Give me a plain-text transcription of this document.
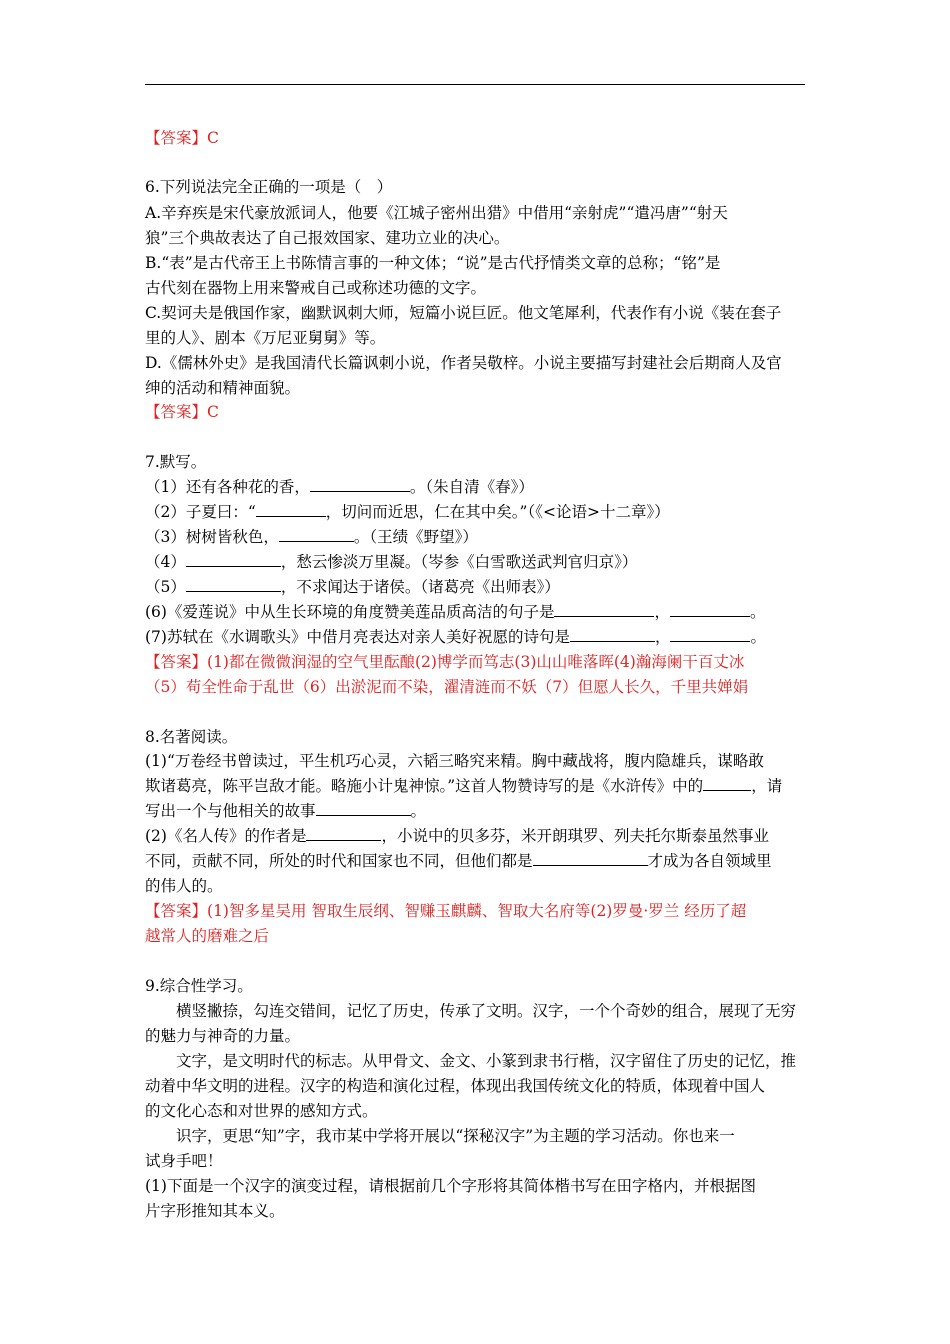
【答案】C
6.下列说法完全正确的一项是（　）
A.辛弃疾是宋代豪放派词人，他要《江城子密州出猎》中借用“亲射虎”“遣冯唐”“射天
狼”三个典故表达了自己报效国家、建功立业的决心。
B.“表”是古代帝王上书陈情言事的一种文体；“说”是古代抒情类文章的总称；“铭”是
古代刻在器物上用来警戒自己或称述功德的文字。
C.契诃夫是俄国作家，幽默讽刺大师，短篇小说巨匠。他文笔犀利，代表作有小说《装在套子
里的人》、剧本《万尼亚舅舅》等。
D.《儒林外史》是我国清代长篇讽刺小说，作者吴敬梓。小说主要描写封建社会后期商人及官
绅的活动和精神面貌。
【答案】C
7.默写。
（1）还有各种花的香，	。（朱自清《春》）
（2）子夏曰：“	，切问而近思，仁在其中矣。”（《<论语>十二章》）
（3）树树皆秋色，	。（王绩《野望》）
（4）	，愁云惨淡万里凝。（岑参《白雪歌送武判官归京》）
（5）	，不求闻达于诸侯。（诸葛亮《出师表》）
(6)《爱莲说》中从生长环境的角度赞美莲品质高洁的句子是	，	。
(7)苏轼在《水调歌头》中借月亮表达对亲人美好祝愿的诗句是	，	。
【答案】(1)都在微微润湿的空气里酝酿(2)博学而笃志(3)山山唯落晖(4)瀚海阑干百丈冰
（5）苟全性命于乱世（6）出淤泥而不染，濯清涟而不妖（7）但愿人长久，千里共婵娟
8.名著阅读。
(1)“万卷经书曾读过，平生机巧心灵，六韬三略究来精。胸中藏战将，腹内隐雄兵，谋略敢
欺诸葛亮，陈平岂敌才能。略施小计鬼神惊。”这首人物赞诗写的是《水浒传》中的	，请
写出一个与他相关的故事	。
(2)《名人传》的作者是	，小说中的贝多芬，米开朗琪罗、列夫托尔斯泰虽然事业
不同，贡献不同，所处的时代和国家也不同，但他们都是	才成为各自领域里
的伟人的。
【答案】(1)智多星吴用 智取生辰纲、智赚玉麒麟、智取大名府等(2)罗曼·罗兰 经历了超
越常人的磨难之后
9.综合性学习。
横竖撇捺，勾连交错间，记忆了历史，传承了文明。汉字，一个个奇妙的组合，展现了无穷
的魅力与神奇的力量。
文字，是文明时代的标志。从甲骨文、金文、小篆到隶书行楷，汉字留住了历史的记忆，推
动着中华文明的进程。汉字的构造和演化过程，体现出我国传统文化的特质，体现着中国人
的文化心态和对世界的感知方式。
识字，更思“知”字，我市某中学将开展以“探秘汉字”为主题的学习活动。你也来一
试身手吧！
(1)下面是一个汉字的演变过程，请根据前几个字形将其简体楷书写在田字格内，并根据图
片字形推知其本义。
